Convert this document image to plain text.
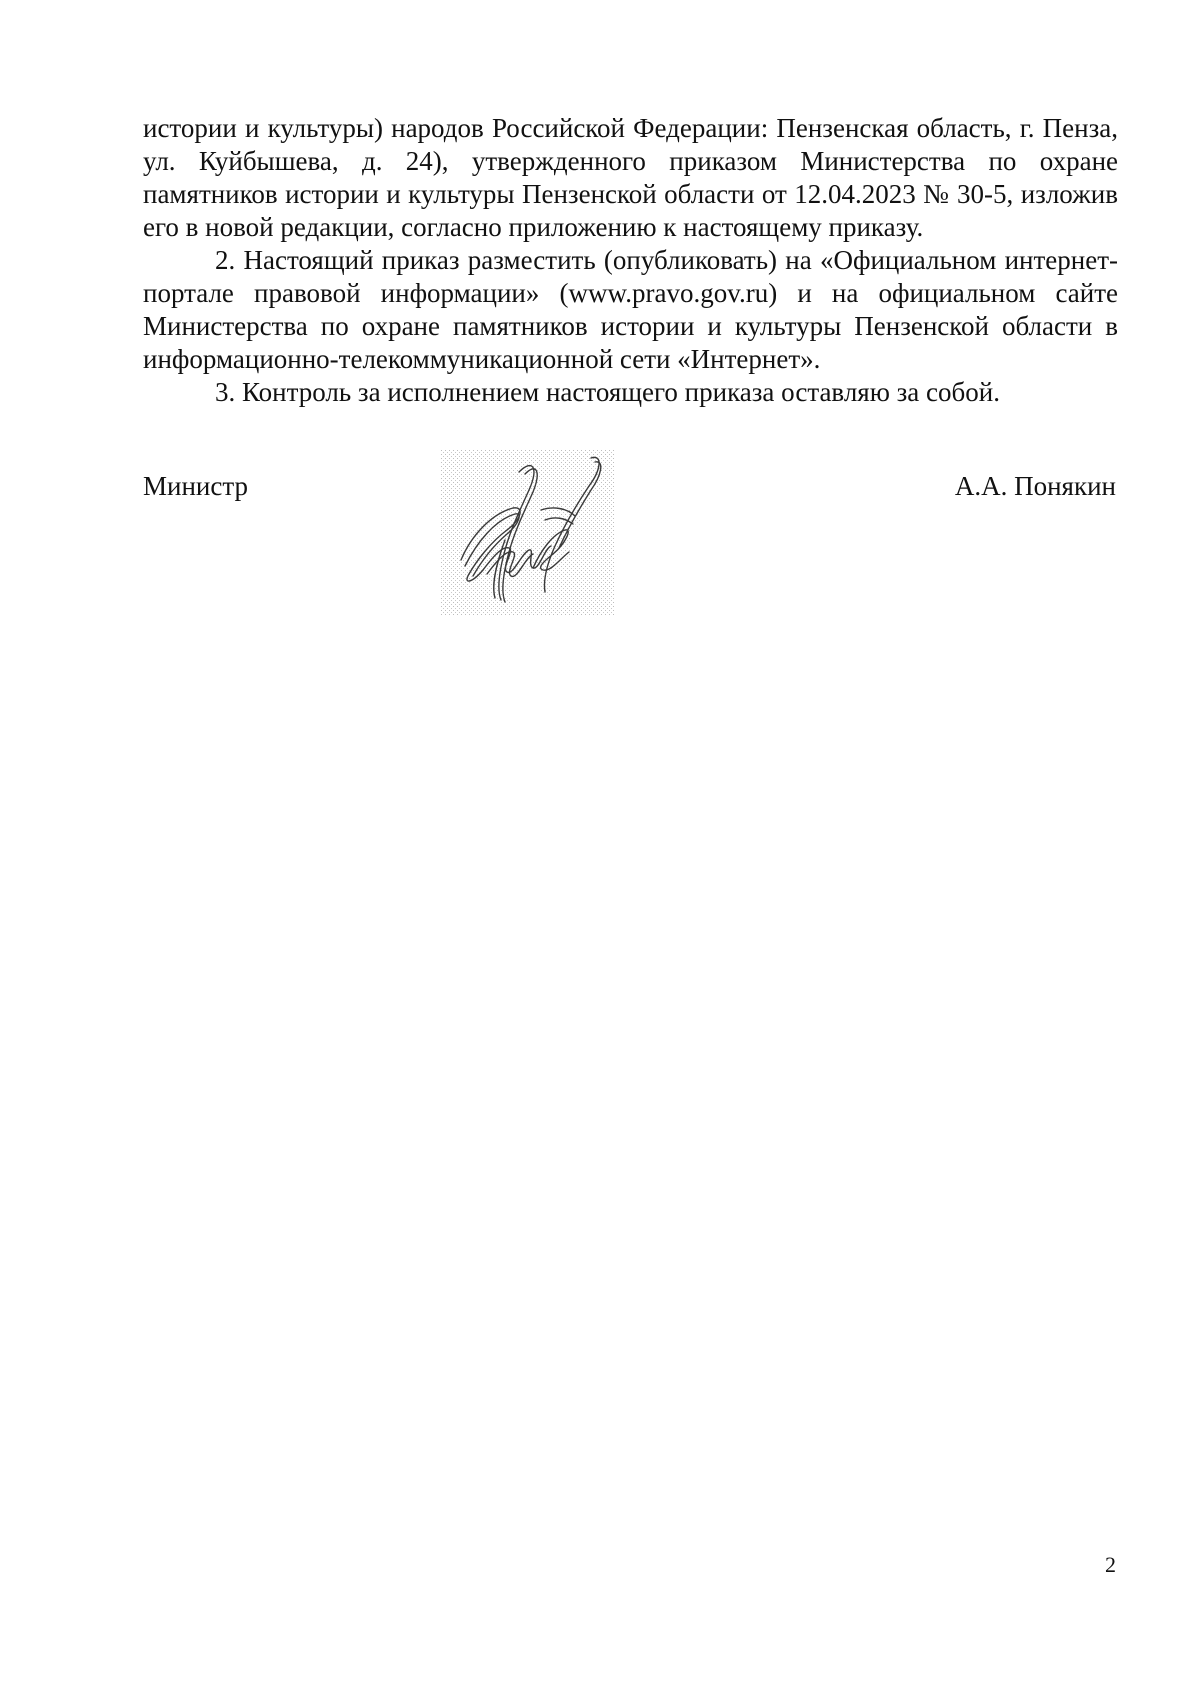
истории и культуры) народов Российской Федерации: Пензенская область, г. Пенза, ул. Куйбышева, д. 24), утвержденного приказом Министерства по охране памятников истории и культуры Пензенской области от 12.04.2023 № 30-5, изложив его в новой редакции, согласно приложению к настоящему приказу.

2. Настоящий приказ разместить (опубликовать) на «Официальном интернет-портале правовой информации» (www.pravo.gov.ru) и на официальном сайте Министерства по охране памятников истории и культуры Пензенской области в информационно-телекоммуникационной сети «Интернет».

3. Контроль за исполнением настоящего приказа оставляю за собой.

Министр	А.А. Понякин
2
